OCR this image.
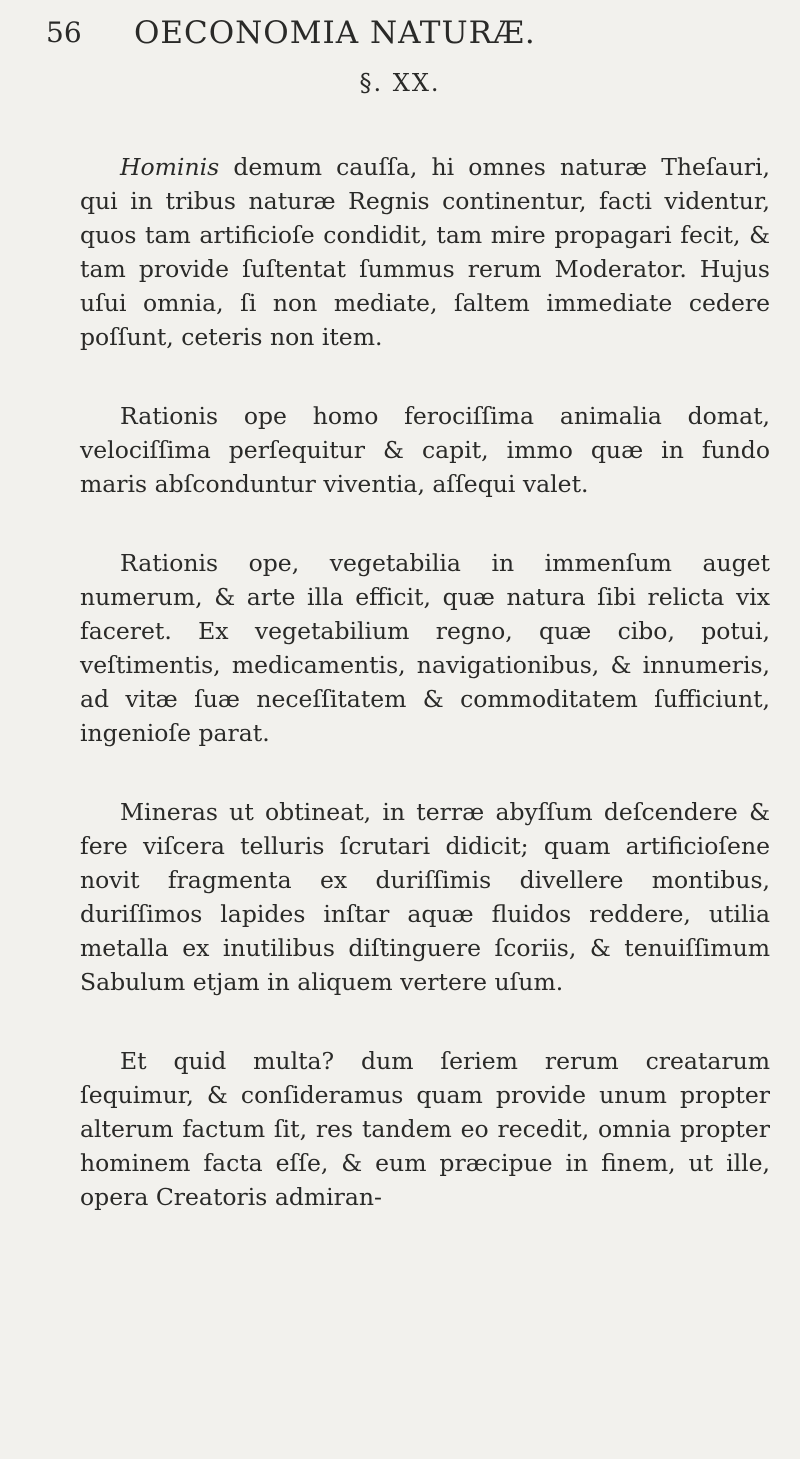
56 OECONOMIA NATURÆ.
§. XX.

Hominis demum cauſſa, hi omnes naturæ Theſauri, qui in tribus naturæ Regnis continentur, facti videntur, quos tam artificioſe condidit, tam mire propagari fecit, & tam provide ſuſtentat ſummus rerum Moderator. Hujus uſui omnia, ſi non mediate, ſaltem immediate cedere poſſunt, ceteris non item.

Rationis ope homo ferociſſima animalia domat, velociſſima perſequitur & capit, immo quæ in fundo maris abſconduntur viventia, aſſequi valet.

Rationis ope, vegetabilia in immenſum auget numerum, & arte illa efficit, quæ natura ſibi relicta vix faceret. Ex vegetabilium regno, quæ cibo, potui, veſtimentis, medicamentis, navigationibus, & innumeris, ad vitæ ſuæ neceſſitatem & commoditatem ſufficiunt, ingenioſe parat.

Mineras ut obtineat, in terræ abyſſum deſcendere & fere viſcera telluris ſcrutari didicit; quam artificioſene novit fragmenta ex duriſſimis divellere montibus, duriſſimos lapides inſtar aquæ fluidos reddere, utilia metalla ex inutilibus diſtinguere ſcoriis, & tenuiſſimum Sabulum etjam in aliquem vertere uſum.

Et quid multa? dum ſeriem rerum creatarum ſequimur, & conſideramus quam provide unum propter alterum factum ſit, res tandem eo recedit, omnia propter hominem facta eſſe, & eum præcipue in finem, ut ille, opera Creatoris admiran-
